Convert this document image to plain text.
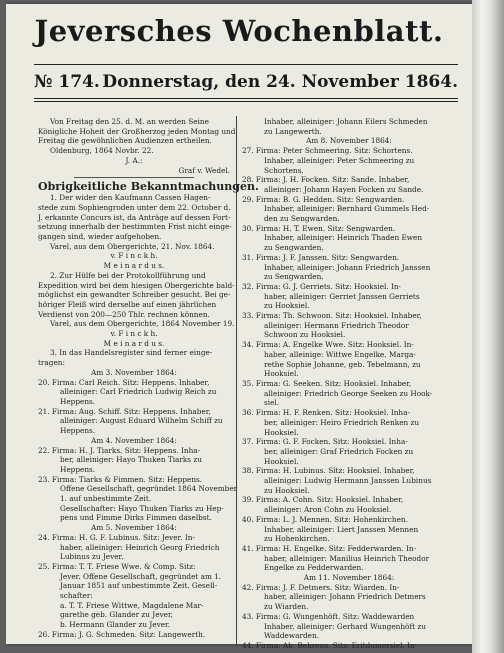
Jeversches Wochenblatt.
№ 174. Donnerstag, den 24. November 1864.

Von Freitag den 25. d. M. an werden Seine

Königliche Hoheit der Großherzog jeden Montag und

Freitag die gewöhnlichen Audienzen ertheilen.

Oldenburg, 1864 Novbr. 22.

J. A.:

Graf v. Wedel.

Obrigkeitliche Bekanntmachungen.

1. Der wider den Kaufmann Cassen Hagen-

stede zum Sophiengroden unter dem 22. October d.

J. erkannte Concurs ist, da Anträge auf dessen Fort-

setzung innerhalb der bestimmten Frist nicht einge-

gangen sind, wieder aufgehoben.

Varel, aus dem Obergerichte, 21. Nov. 1864.

v. F i n c k h.

M e i n a r d u s.

2. Zur Hülfe bei der Protokollführung und

Expedition wird bei dem hiesigen Obergerichte bald-

möglichst ein gewandter Schreiber gesucht. Bei ge-

höriger Fleiß wird derselbe auf einen jährlichen

Verdienst von 200—250 Thlr. rechnen können.

Varel, aus dem Obergerichte, 1864 November 19.

v. F i n c k h.

M e i n a r d u s.

3. In das Handelsregister sind ferner einge-

tragen:

Am 3. November 1864:

20. Firma: Carl Reich. Sitz: Heppens. Inhaber,

alleiniger: Carl Friedrich Ludwig Reich zu

Heppens.

21. Firma: Aug. Schiff. Sitz: Heppens. Inhaber,

alleiniger: August Eduard Wilhelm Schiff zu

Heppens.

Am 4. November 1864:

22. Firma: H. J. Tiarks. Sitz: Heppens. Inha-

ber, alleiniger: Hayo Thuken Tiarks zu

Heppens.

23. Firma: Tiarks & Fimmen. Sitz: Heppens.

Offene Gesellschaft, gegründet 1864 November

1. auf unbestimmte Zeit.

Gesellschafter: Hayo Thuken Tiarks zu Hep-

pens und Fimme Dirks Fimmen daselbst.

Am 5. November 1864:

24. Firma: H. G. F. Lubinus. Sitz: Jever. In-

haber, alleiniger: Heinrich Georg Friedrich

Lubinus zu Jever.

25. Firma: T. T. Friese Wwe. & Comp. Sitz:

Jever. Offene Gesellschaft, gegründet am 1.

Januar 1851 auf unbestimmte Zeit. Gesell-

schafter:

a. T. T. Friese Wittwe, Magdalene Mar-

garethe geb. Glander zu Jever,

b. Hermann Glander zu Jever.

26. Firma: J. G. Schmeden. Sitz: Langewerth.

Inhaber, alleiniger: Johann Eilers Schmeden

zu Langewerth.

Am 8. November 1864:

27. Firma: Peter Schmeering. Sitz: Schortens.

Inhaber, alleiniger: Peter Schmeering zu

Schortens.

28. Firma: J. H. Focken. Sitz: Sande. Inhaber,

alleiniger: Johann Hayen Focken zu Sande.

29. Firma: B. G. Hedden. Sitz: Sengwarden.

Inhaber, alleiniger: Bernhard Gummels Hed-

den zu Sengwarden.

30. Firma: H. T. Ewen. Sitz: Sengwarden.

Inhaber, alleiniger: Heinrich Thaden Ewen

zu Sengwarden.

31. Firma: J. F. Janssen. Sitz: Sengwarden.

Inhaber, alleiniger: Johann Friedrich Janssen

zu Sengwarden.

32. Firma: G. J. Gerriets. Sitz: Hooksiel. In-

haber, alleiniger: Gerriet Janssen Gerriets

zu Hooksiel.

33. Firma: Th. Schwoon. Sitz: Hooksiel. Inhaber,

alleiniger: Hermann Friedrich Theodor

Schwoon zu Hooksiel.

34. Firma: A. Engelke Wwe. Sitz: Hooksiel. In-

haber, alleinige: Wittwe Engelke, Marga-

rethe Sophie Johanne, geb. Tebelmann, zu

Hooksiel.

35. Firma: G. Seeken. Sitz: Hooksiel. Inhaber,

alleiniger: Friedrich George Seeken zu Hook-

siel.

36. Firma: H. F. Renken. Sitz: Hooksiel. Inha-

ber, alleiniger: Heiro Friedrich Renken zu

Hooksiel.

37. Firma: G. F. Focken. Sitz: Hooksiel. Inha-

ber, alleiniger: Graf Friedrich Focken zu

Hooksiel.

38. Firma: H. Lubinus. Sitz: Hooksiel. Inhaber,

alleiniger: Ludwig Hermann Janssen Lubinus

zu Hooksiel.

39. Firma: A. Cohn. Sitz: Hooksiel. Inhaber,

alleiniger: Aron Cohn zu Hooksiel.

40. Firma: L. J. Mennen. Sitz: Hohenkirchen.

Inhaber, alleiniger: Liert Janssen Mennen

zu Hohenkirchen.

41. Firma: H. Engelke. Sitz: Fedderwarden. In-

haber, alleiniger: Manilius Heinrich Theodor

Engelke zu Fedderwarden.

Am 11. November 1864:

42. Firma: J. F. Detmers. Sitz: Wiarden. In-

haber, alleiniger: Johann Friedrich Detmers

zu Wiarden.

43. Firma: G. Wungenhöft. Sitz: Waddewarden

Inhaber, alleiniger: Gerhard Wungenhöft zu

Waddewarden.

44. Firma: Ab. Behrens. Sitz: Eritdumersiel. In-
